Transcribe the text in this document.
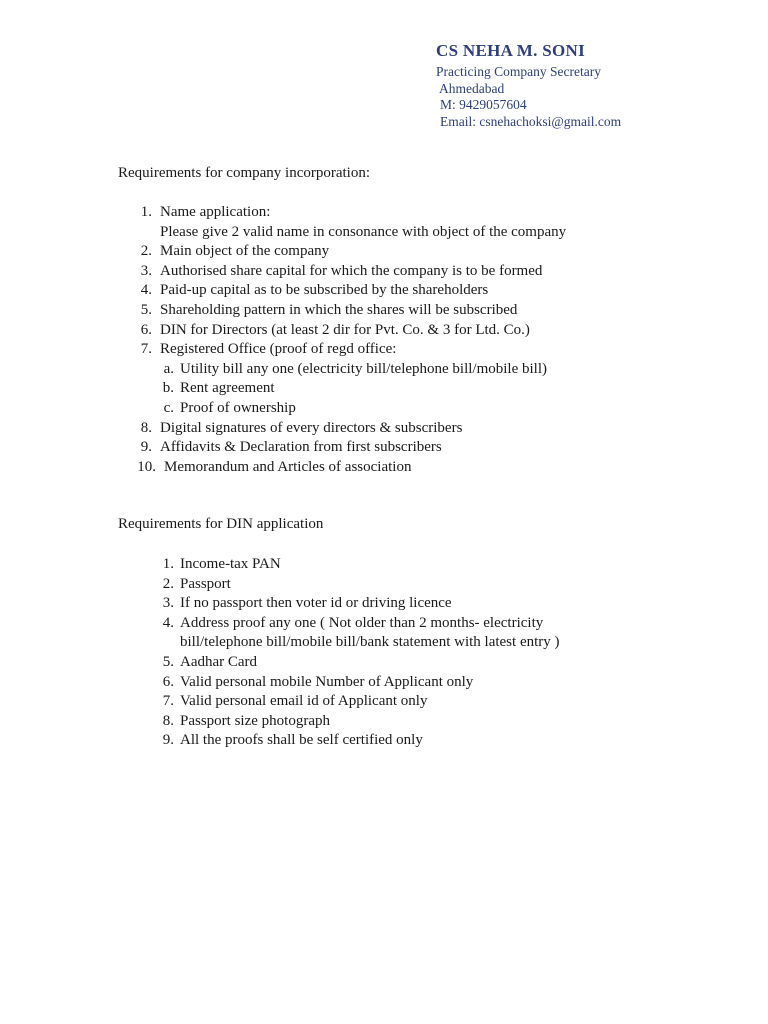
CS NEHA M. SONI
Practicing Company Secretary
Ahmedabad
M: 9429057604
Email: csnehachoksi@gmail.com
Requirements for company incorporation:
1. Name application:
Please give 2 valid name in consonance with object of the company
2. Main object of the company
3. Authorised share capital for which the company is to be formed
4. Paid-up capital as to be subscribed by the shareholders
5. Shareholding pattern in which the shares will be subscribed
6. DIN for Directors (at least 2 dir for Pvt. Co. & 3 for Ltd. Co.)
7. Registered Office (proof of regd office:
a. Utility bill any one (electricity bill/telephone bill/mobile bill)
b. Rent agreement
c. Proof of ownership
8. Digital signatures of every directors & subscribers
9. Affidavits & Declaration from first subscribers
10. Memorandum and Articles of association
Requirements for DIN application
1. Income-tax PAN
2. Passport
3. If no passport then voter id or driving licence
4. Address proof any one ( Not older than 2 months- electricity
bill/telephone bill/mobile bill/bank statement with latest entry )
5. Aadhar Card
6. Valid personal mobile Number of Applicant only
7. Valid personal email id of Applicant only
8. Passport size photograph
9. All the proofs shall be self certified only
